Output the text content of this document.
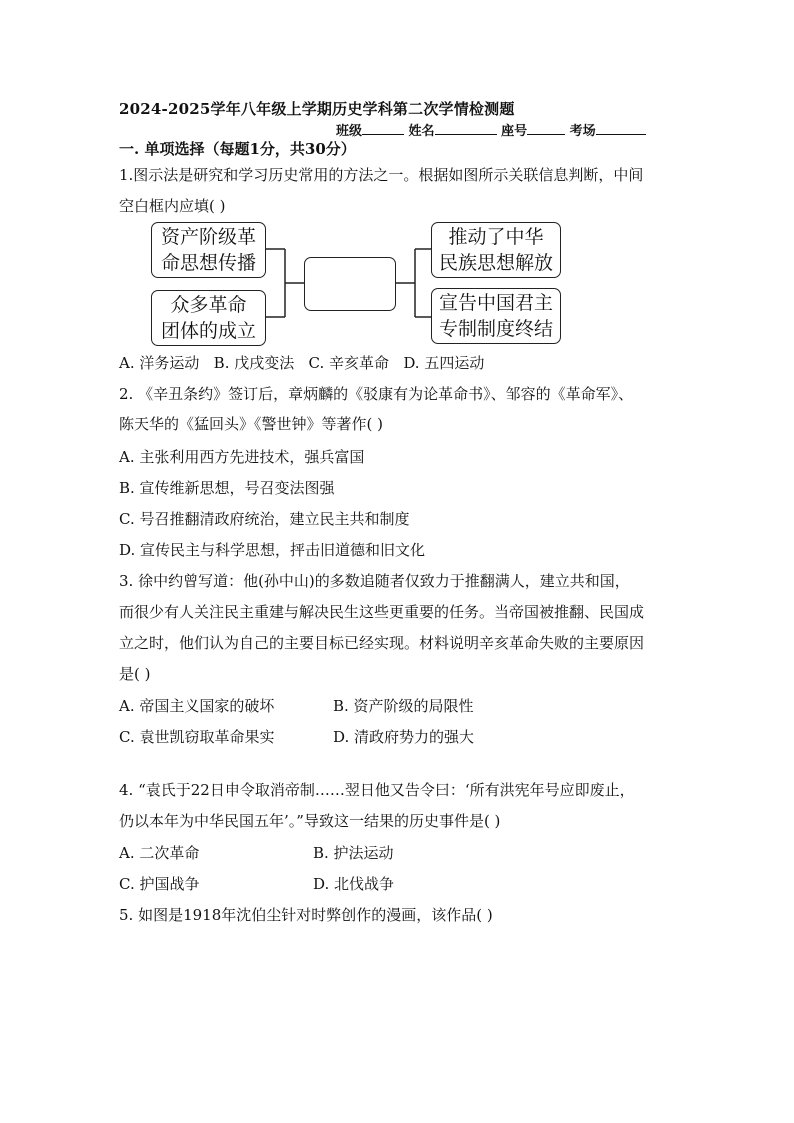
2024-2025学年八年级上学期历史学科第二次学情检测题
班级	姓名	座号	考场
一. 单项选择（每题1分，共30分）
1.图示法是研究和学习历史常用的方法之一。根据如图所示关联信息判断，中间
空白框内应填( )
资产阶级革
命思想传播
众多革命
团体的成立
推动了中华
民族思想解放
宣告中国君主
专制制度终结
A. 洋务运动   B. 戊戌变法   C. 辛亥革命   D. 五四运动
2. 《辛丑条约》签订后，章炳麟的《驳康有为论革命书》、邹容的《革命军》、
陈天华的《猛回头》《警世钟》等著作( )
A. 主张利用西方先进技术，强兵富国
B. 宣传维新思想，号召变法图强
C. 号召推翻清政府统治，建立民主共和制度
D. 宣传民主与科学思想，抨击旧道德和旧文化
3. 徐中约曾写道：他(孙中山)的多数追随者仅致力于推翻满人，建立共和国，
而很少有人关注民主重建与解决民生这些更重要的任务。当帝国被推翻、民国成
立之时，他们认为自己的主要目标已经实现。材料说明辛亥革命失败的主要原因
是( )
A. 帝国主义国家的破坏	B. 资产阶级的局限性
C. 袁世凯窃取革命果实	D. 清政府势力的强大
4. “袁氏于22日申令取消帝制……翌日他又告令曰：‘所有洪宪年号应即废止，
仍以本年为中华民国五年’。”导致这一结果的历史事件是( )
A. 二次革命	B. 护法运动
C. 护国战争	D. 北伐战争
5. 如图是1918年沈伯尘针对时弊创作的漫画，该作品( )
